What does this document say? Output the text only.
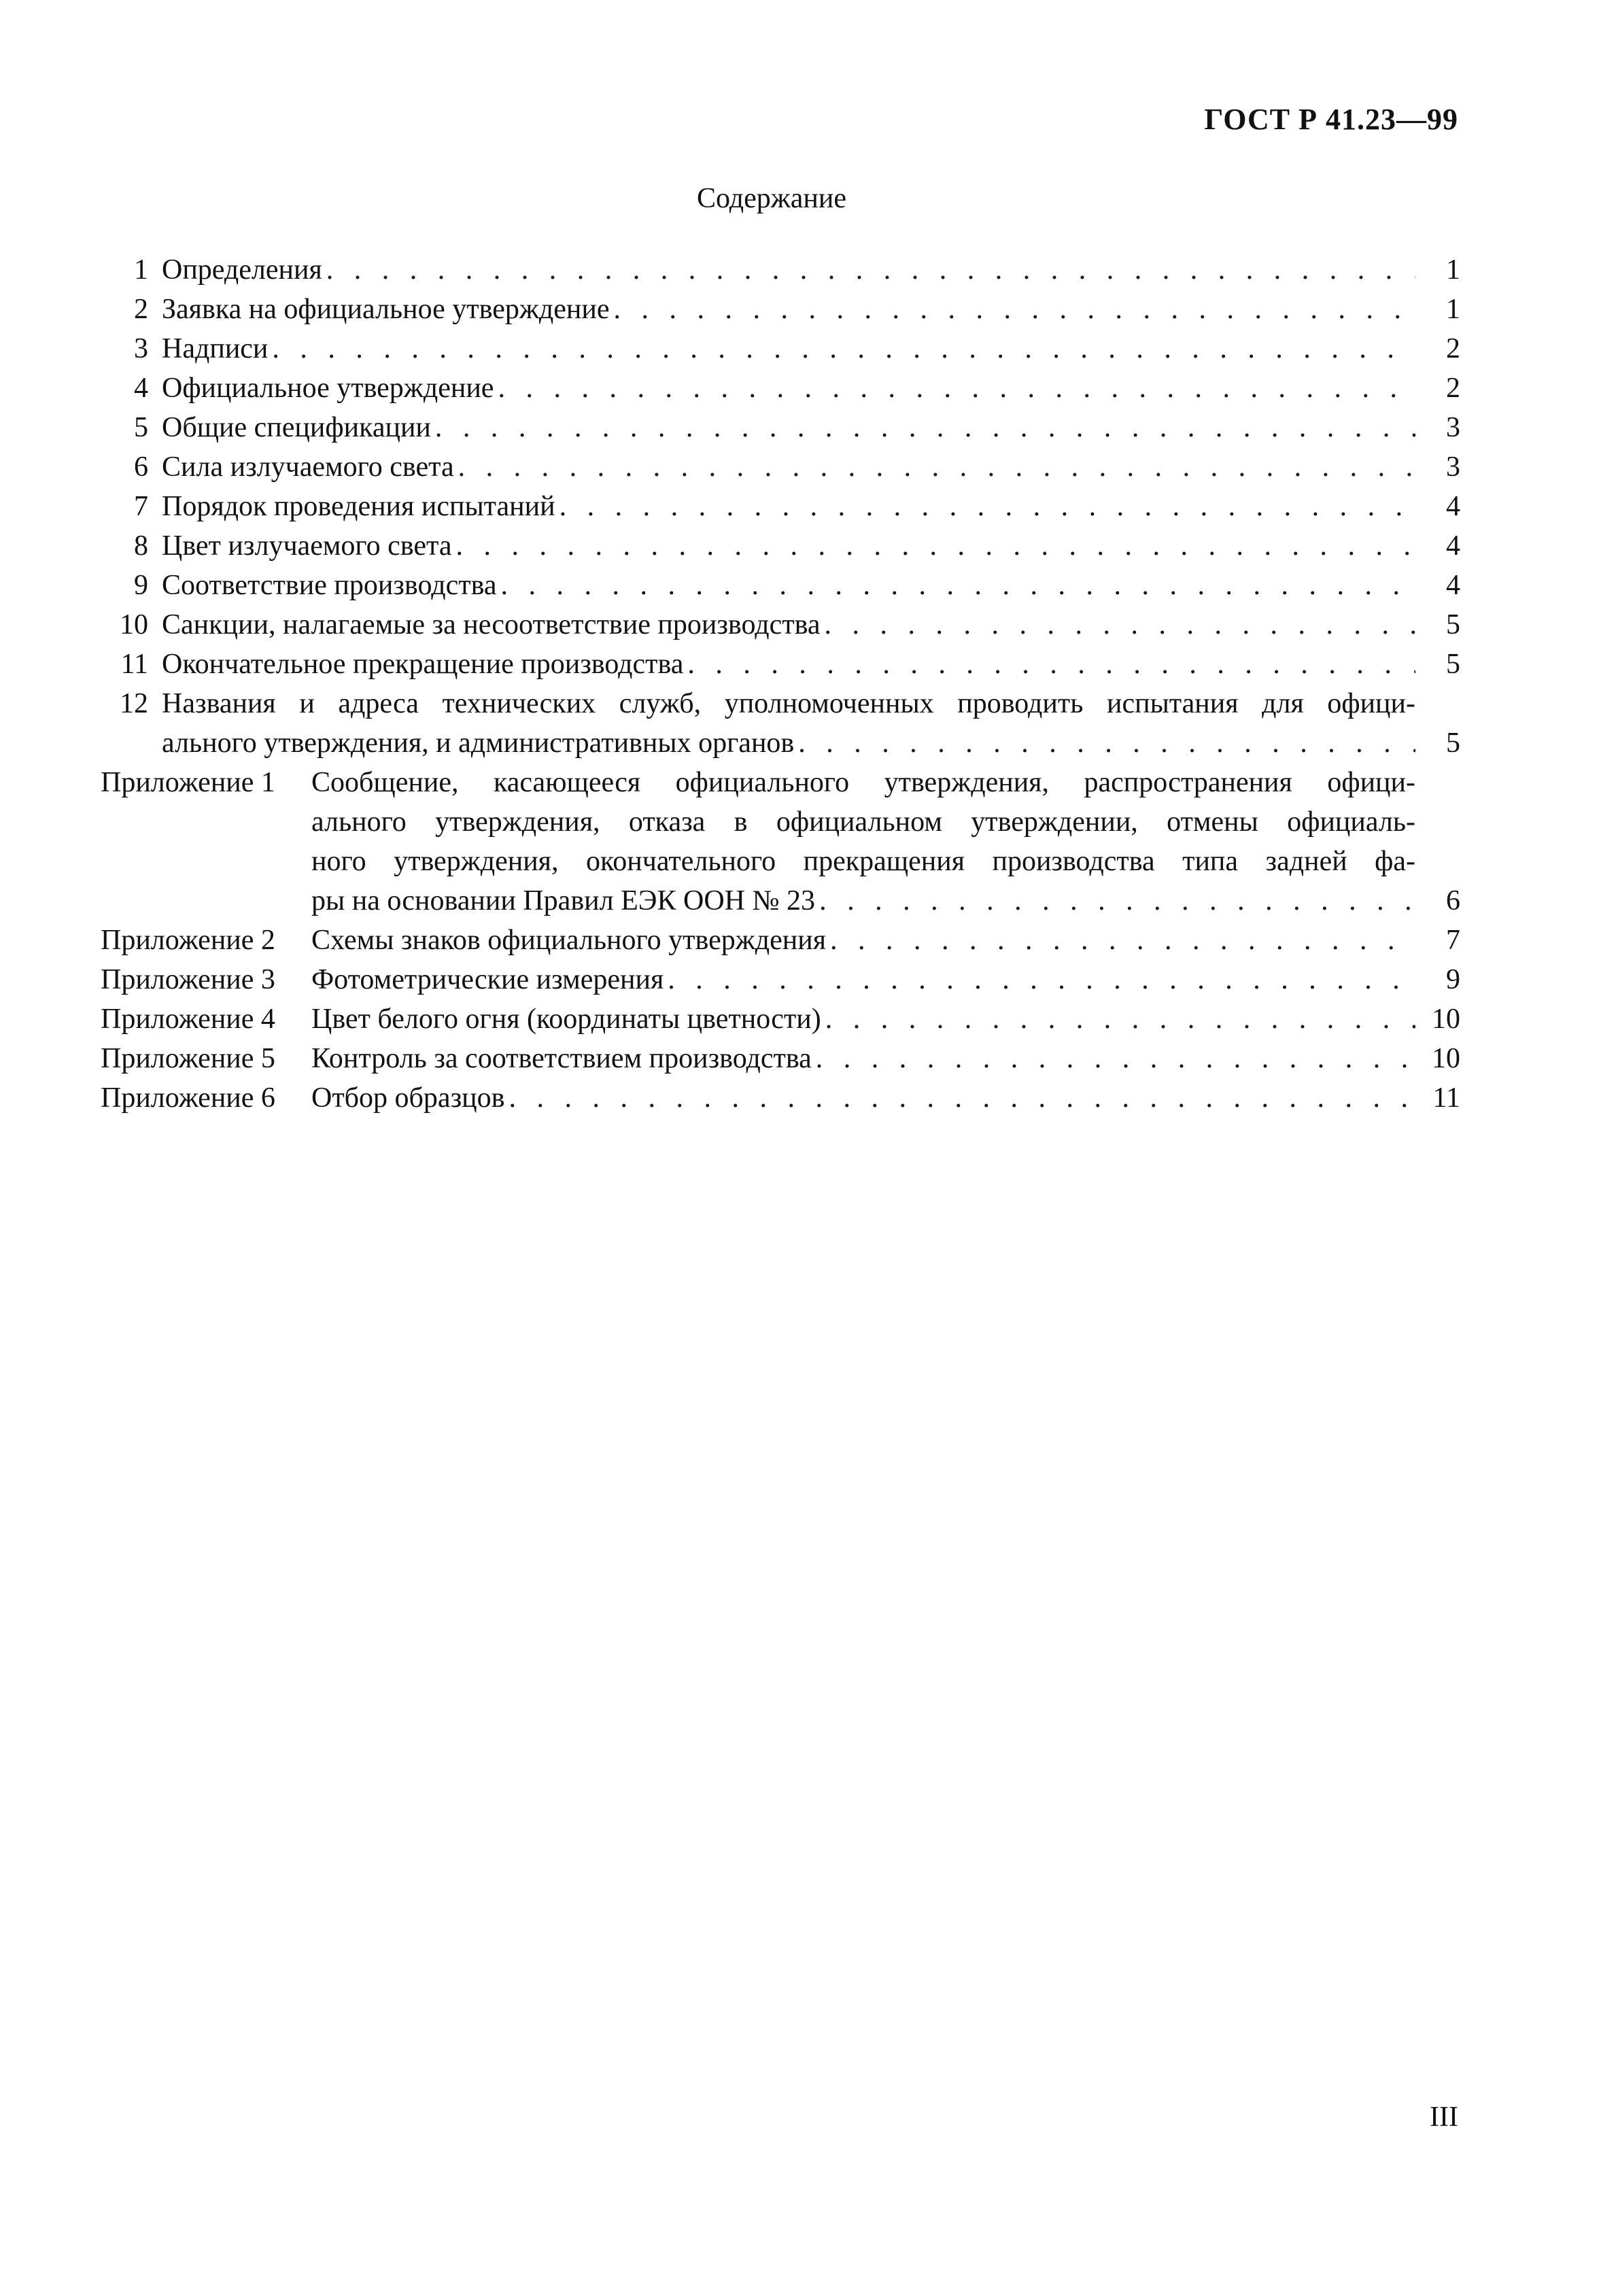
ГОСТ Р 41.23—99
Содержание
1 Определения . . .	1
2 Заявка на официальное утверждение . . .	1
3 Надписи . . .	2
4 Официальное утверждение . . .	2
5 Общие спецификации . . .	3
6 Сила излучаемого света . . .	3
7 Порядок проведения испытаний . . .	4
8 Цвет излучаемого света . . .	4
9 Соответствие производства . . .	4
10 Санкции, налагаемые за несоответствие производства . . .	5
11 Окончательное прекращение производства . . .	5
12 Названия и адреса технических служб, уполномоченных проводить испытания для офици-
ального утверждения, и административных органов . . .	5
Приложение 1	Сообщение, касающееся официального утверждения, распространения офици-
ального утверждения, отказа в официальном утверждении, отмены официаль-
ного утверждения, окончательного прекращения производства типа задней фа-
ры на основании Правил ЕЭК ООН № 23 . . .	6
Приложение 2	Схемы знаков официального утверждения . . .	7
Приложение 3	Фотометрические измерения . . .	9
Приложение 4	Цвет белого огня (координаты цветности) . . .	10
Приложение 5	Контроль за соответствием производства . . .	10
Приложение 6	Отбор образцов . . .	11
III
